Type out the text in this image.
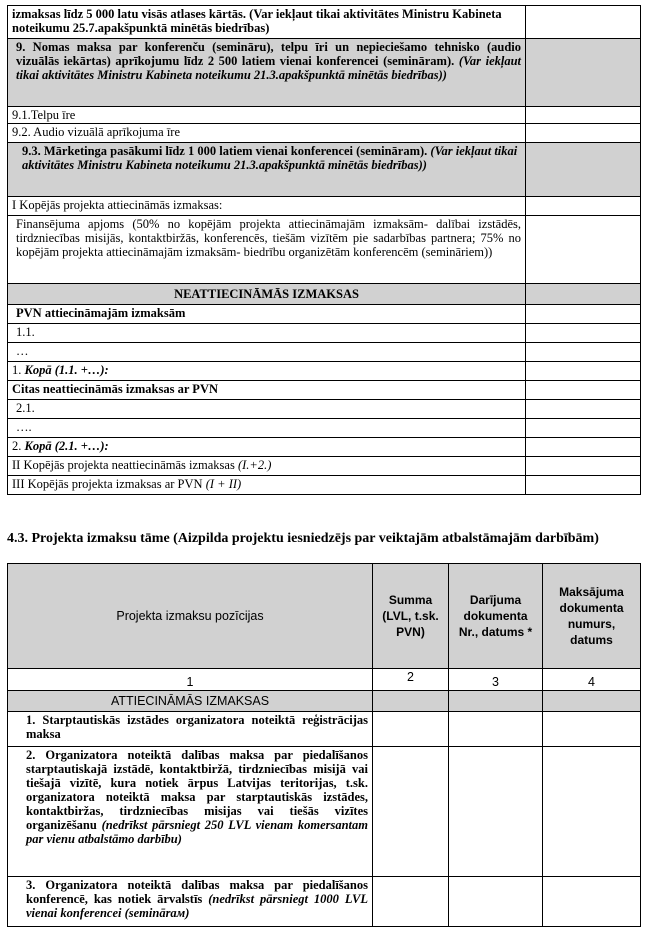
izmaksas līdz 5 000 latu visās atlases kārtās. (Var iekļaut tikai aktivitātes Ministru Kabineta noteikumu 25.7.apakšpunktā minētās biedrības)	
9. Nomas maksa par konferenču (semināru), telpu īri un nepieciešamo tehnisko (audio vizuālās iekārtas) aprīkojumu līdz 2 500 latiem vienai konferencei (semināram). (Var iekļaut tikai aktivitātes Ministru Kabineta noteikumu 21.3.apakšpunktā minētās biedrības))	
9.1.Telpu īre	
9.2. Audio vizuālā aprīkojuma īre	
9.3. Mārketinga pasākumi līdz 1 000 latiem vienai konferencei (semināram). (Var iekļaut tikai aktivitātes Ministru Kabineta noteikumu 21.3.apakšpunktā minētās biedrības))	
I Kopējās projekta attiecināmās izmaksas:	
Finansējuma apjoms (50% no kopējām projekta attiecināmajām izmaksām- dalībai izstādēs, tirdzniecības misijās, kontaktbiržās, konferencēs, tiešām vizītēm pie sadarbības partnera; 75% no kopējām projekta attiecināmajām izmaksām- biedrību organizētām konferencēm (semināriem))	
NEATTIECINĀMĀS IZMAKSAS	
PVN attiecināmajām izmaksām	
1.1.	
…	
1. Kopā (1.1. +…):	
Citas neattiecināmās izmaksas ar PVN	
2.1.	
….	
2. Kopā (2.1. +…):	
II Kopējās projekta neattiecināmās izmaksas (I.+2.)	
III Kopējās projekta izmaksas ar PVN (I + II)	

4.3. Projekta izmaksu tāme (Aizpilda projektu iesniedzējs par veiktajām atbalstāmajām darbībām)

Projekta izmaksu pozīcijas	Summa (LVL, t.sk. PVN)	Darījuma dokumenta Nr., datums *	Maksājuma dokumenta numurs, datums
1	2	3	4
ATTIECINĀMĀS IZMAKSAS			
1. Starptautiskās izstādes organizatora noteiktā reģistrācijas maksa			
2. Organizatora noteiktā dalības maksa par piedalīšanos starptautiskajā izstādē, kontaktbiržā, tirdzniecības misijā vai tiešajā vizītē, kura notiek ārpus Latvijas teritorijas, t.sk. organizatora noteiktā maksa par starptautiskās izstādes, kontaktbiržas, tirdzniecības misijas vai tiešās vizītes organizēšanu (nedrīkst pārsniegt 250 LVL vienam komersantam par vienu atbalstāmo darbību)			
3. Organizatora noteiktā dalības maksa par piedalīšanos konferencē, kas notiek ārvalstīs (nedrīkst pārsniegt 1000 LVL vienai konferencei (seminārам)			
